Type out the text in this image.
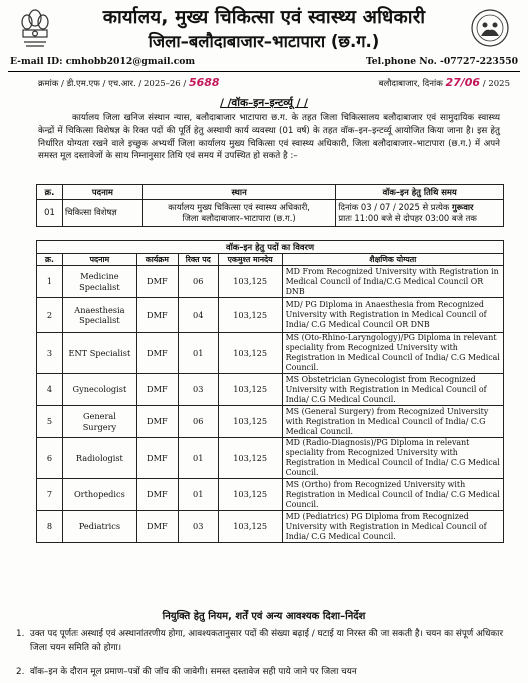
कार्यालय, मुख्य चिकित्सा एवं स्वास्थ्य अधिकारी
जिला–बलौदाबाजार–भाटापारा (छ.ग.)
E-mail ID: cmhobb2012@gmail.com	Tel.phone No. -07727-223550
क्रमांक / डी.एम.एफ / एच.आर. / 2025–26 / 5688	बलौदाबाजार, दिनांक 27/06 / 2025
/ /वॉक–इन–इन्टर्व्यू / /
कार्यालय जिला खनिज संस्थान न्यास, बलौदाबाजार भाटापारा छ.ग. के तहत जिला चिकित्सालय बलौदाबाजार एवं सामुदायिक स्वास्थ्य केन्द्रों में चिकित्सा विशेषज्ञ के रिक्त पदों की पूर्ति हेतु अस्थायी कार्य व्यवस्था (01 वर्ष) के तहत वॉक–इन–इन्टर्व्यू आयोजित किया जाना है। इस हेतु निर्धारित योग्यता रखने वाले इच्छुक अभ्यर्थी जिला कार्यालय मुख्य चिकित्सा एवं स्वास्थ्य अधिकारी, जिला बलौदाबाजार–भाटापारा (छ.ग.) में अपने समस्त मूल दस्तावेजों के साथ निम्नानुसार तिथि एवं समय में उपस्थित हो सकते है :–
क्र.	पदनाम	स्थान	वॉक–इन हेतु तिथि समय
01	चिकित्सा विशेषज्ञ	कार्यालय मुख्य चिकित्सा एवं स्वास्थ्य अधिकारी,
जिला बलौदाबाजार–भाटापारा (छ.ग.)	दिनांक 03 / 07 / 2025 से प्रत्येक गुरूवार
प्रातः 11:00 बजे से दोपहर 03:00 बजे तक
वॉक–इन हेतु पदों का विवरण					
क्र.	पदनाम	कार्यक्रम	रिक्त पद	एकमुश्त मानदेय	शैक्षणिक योग्यता
1	Medicine Specialist	DMF	06	103,125	MD From Recognized University with Registration in Medical Council of India/C.G Medical Council OR DNB
2	Anaesthesia Specialist	DMF	04	103,125	MD/ PG Diploma in Anaesthesia from Recognized University with Registration in Medical Council of India/ C.G Medical Council OR DNB
3	ENT Specialist	DMF	01	103,125	MS (Oto-Rhino-Laryngology)/PG Diploma in relevant speciality from Recognized University with Registration in Medical Council of India/ C.G Medical Council.
4	Gynecologist	DMF	03	103,125	MS Obstetrician Gynecologist from Recognized University with Registration in Medical Council of India/ C.G Medical Council.
5	General Surgery	DMF	06	103,125	MS (General Surgery) from Recognized University with Registration in Medical Council of India/ C.G Medical Council.
6	Radiologist	DMF	01	103,125	MD (Radio-Diagnosis)/PG Diploma in relevant speciality from Recognized University with Registration in Medical Council of India/ C.G Medical Council.
7	Orthopedics	DMF	01	103,125	MS (Ortho) from Recognized University with Registration in Medical Council of India/ C.G Medical Council.
8	Pediatrics	DMF	03	103,125	MD (Pediatrics) PG Diploma from Recognized University with Registration in Medical Council of India/ C.G Medical Council.
नियुक्ति हेतु नियम, शर्तें एवं अन्य आवश्यक दिशा–निर्देश
1. उक्त पद पूर्णतः अस्थाई एवं अस्थानांतरणीय होगा, आवश्यकतानुसार पदों की संख्या बढ़ाई / घटाई या निरस्त की जा सकती है। चयन का संपूर्ण अधिकार जिला चयन समिति को होगा।
2. वॉक–इन के दौरान मूल प्रमाण–पत्रों की जॉच की जावेगी। समस्त दस्तावेज सही पाये जाने पर जिला चयन
